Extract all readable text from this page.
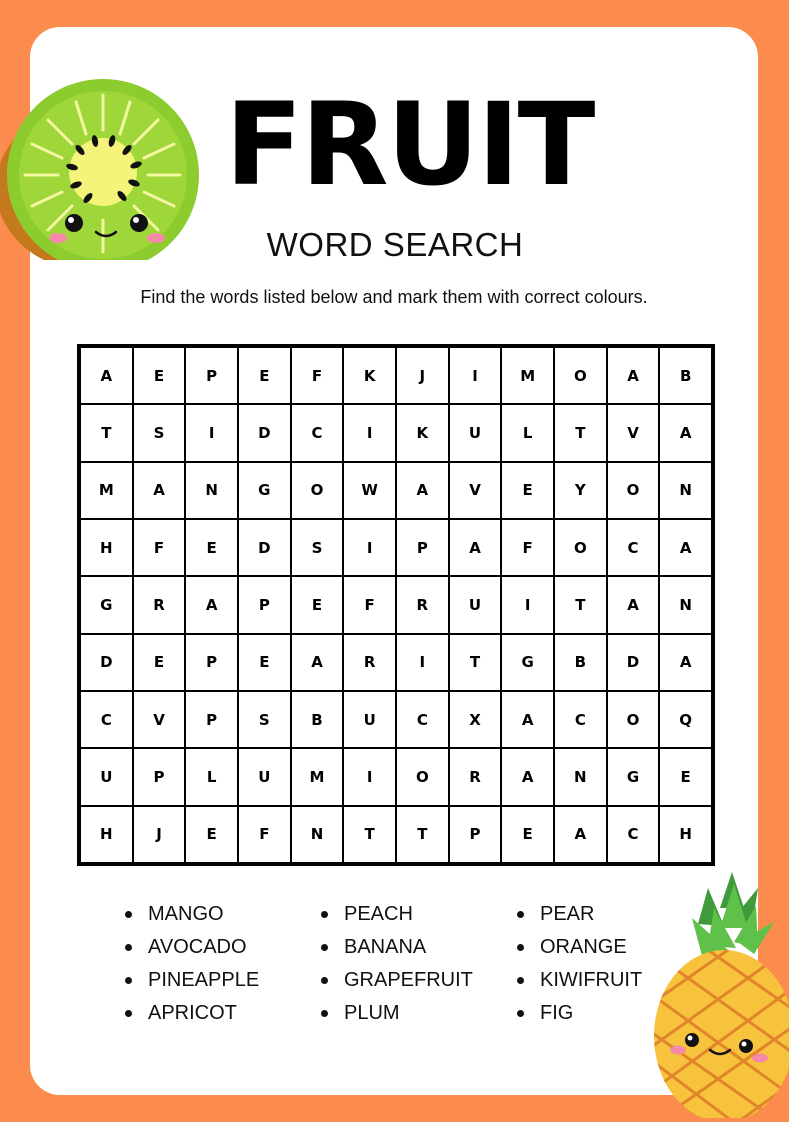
FRUIT
WORD SEARCH
Find the words listed below and mark them with correct colours.
A	E	P	E	F	K	J	I	M	O	A	B
T	S	I	D	C	I	K	U	L	T	V	A
M	A	N	G	O	W	A	V	E	Y	O	N
H	F	E	D	S	I	P	A	F	O	C	A
G	R	A	P	E	F	R	U	I	T	A	N
D	E	P	E	A	R	I	T	G	B	D	A
C	V	P	S	B	U	C	X	A	C	O	Q
U	P	L	U	M	I	O	R	A	N	G	E
H	J	E	F	N	T	T	P	E	A	C	H
MANGO
AVOCADO
PINEAPPLE
APRICOT
PEACH
BANANA
GRAPEFRUIT
PLUM
PEAR
ORANGE
KIWIFRUIT
FIG
